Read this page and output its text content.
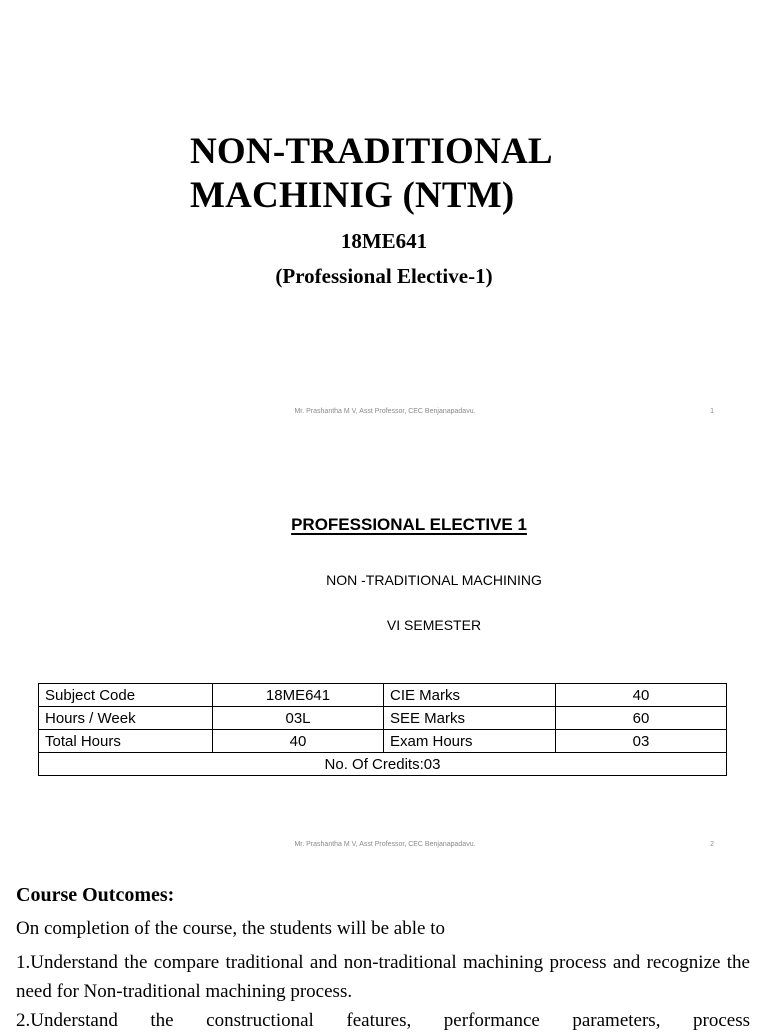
NON-TRADITIONAL MACHINIG (NTM)
18ME641
(Professional Elective-1)
Mr. Prashantha M V, Asst Professor, CEC Benjanapadavu.	1
PROFESSIONAL ELECTIVE 1
NON -TRADITIONAL MACHINING
VI SEMESTER
Subject Code	18ME641	CIE Marks	40
Hours / Week	03L	SEE Marks	60
Total Hours	40	Exam Hours	03
No. Of Credits:03			
Mr. Prashantha M V, Asst Professor, CEC Benjanapadavu.	2
Course Outcomes:
On completion of the course, the students will be able to
1.Understand the compare traditional and non-traditional machining process and recognize the need for Non-traditional machining process.
2.Understand the constructional features, performance parameters, process
